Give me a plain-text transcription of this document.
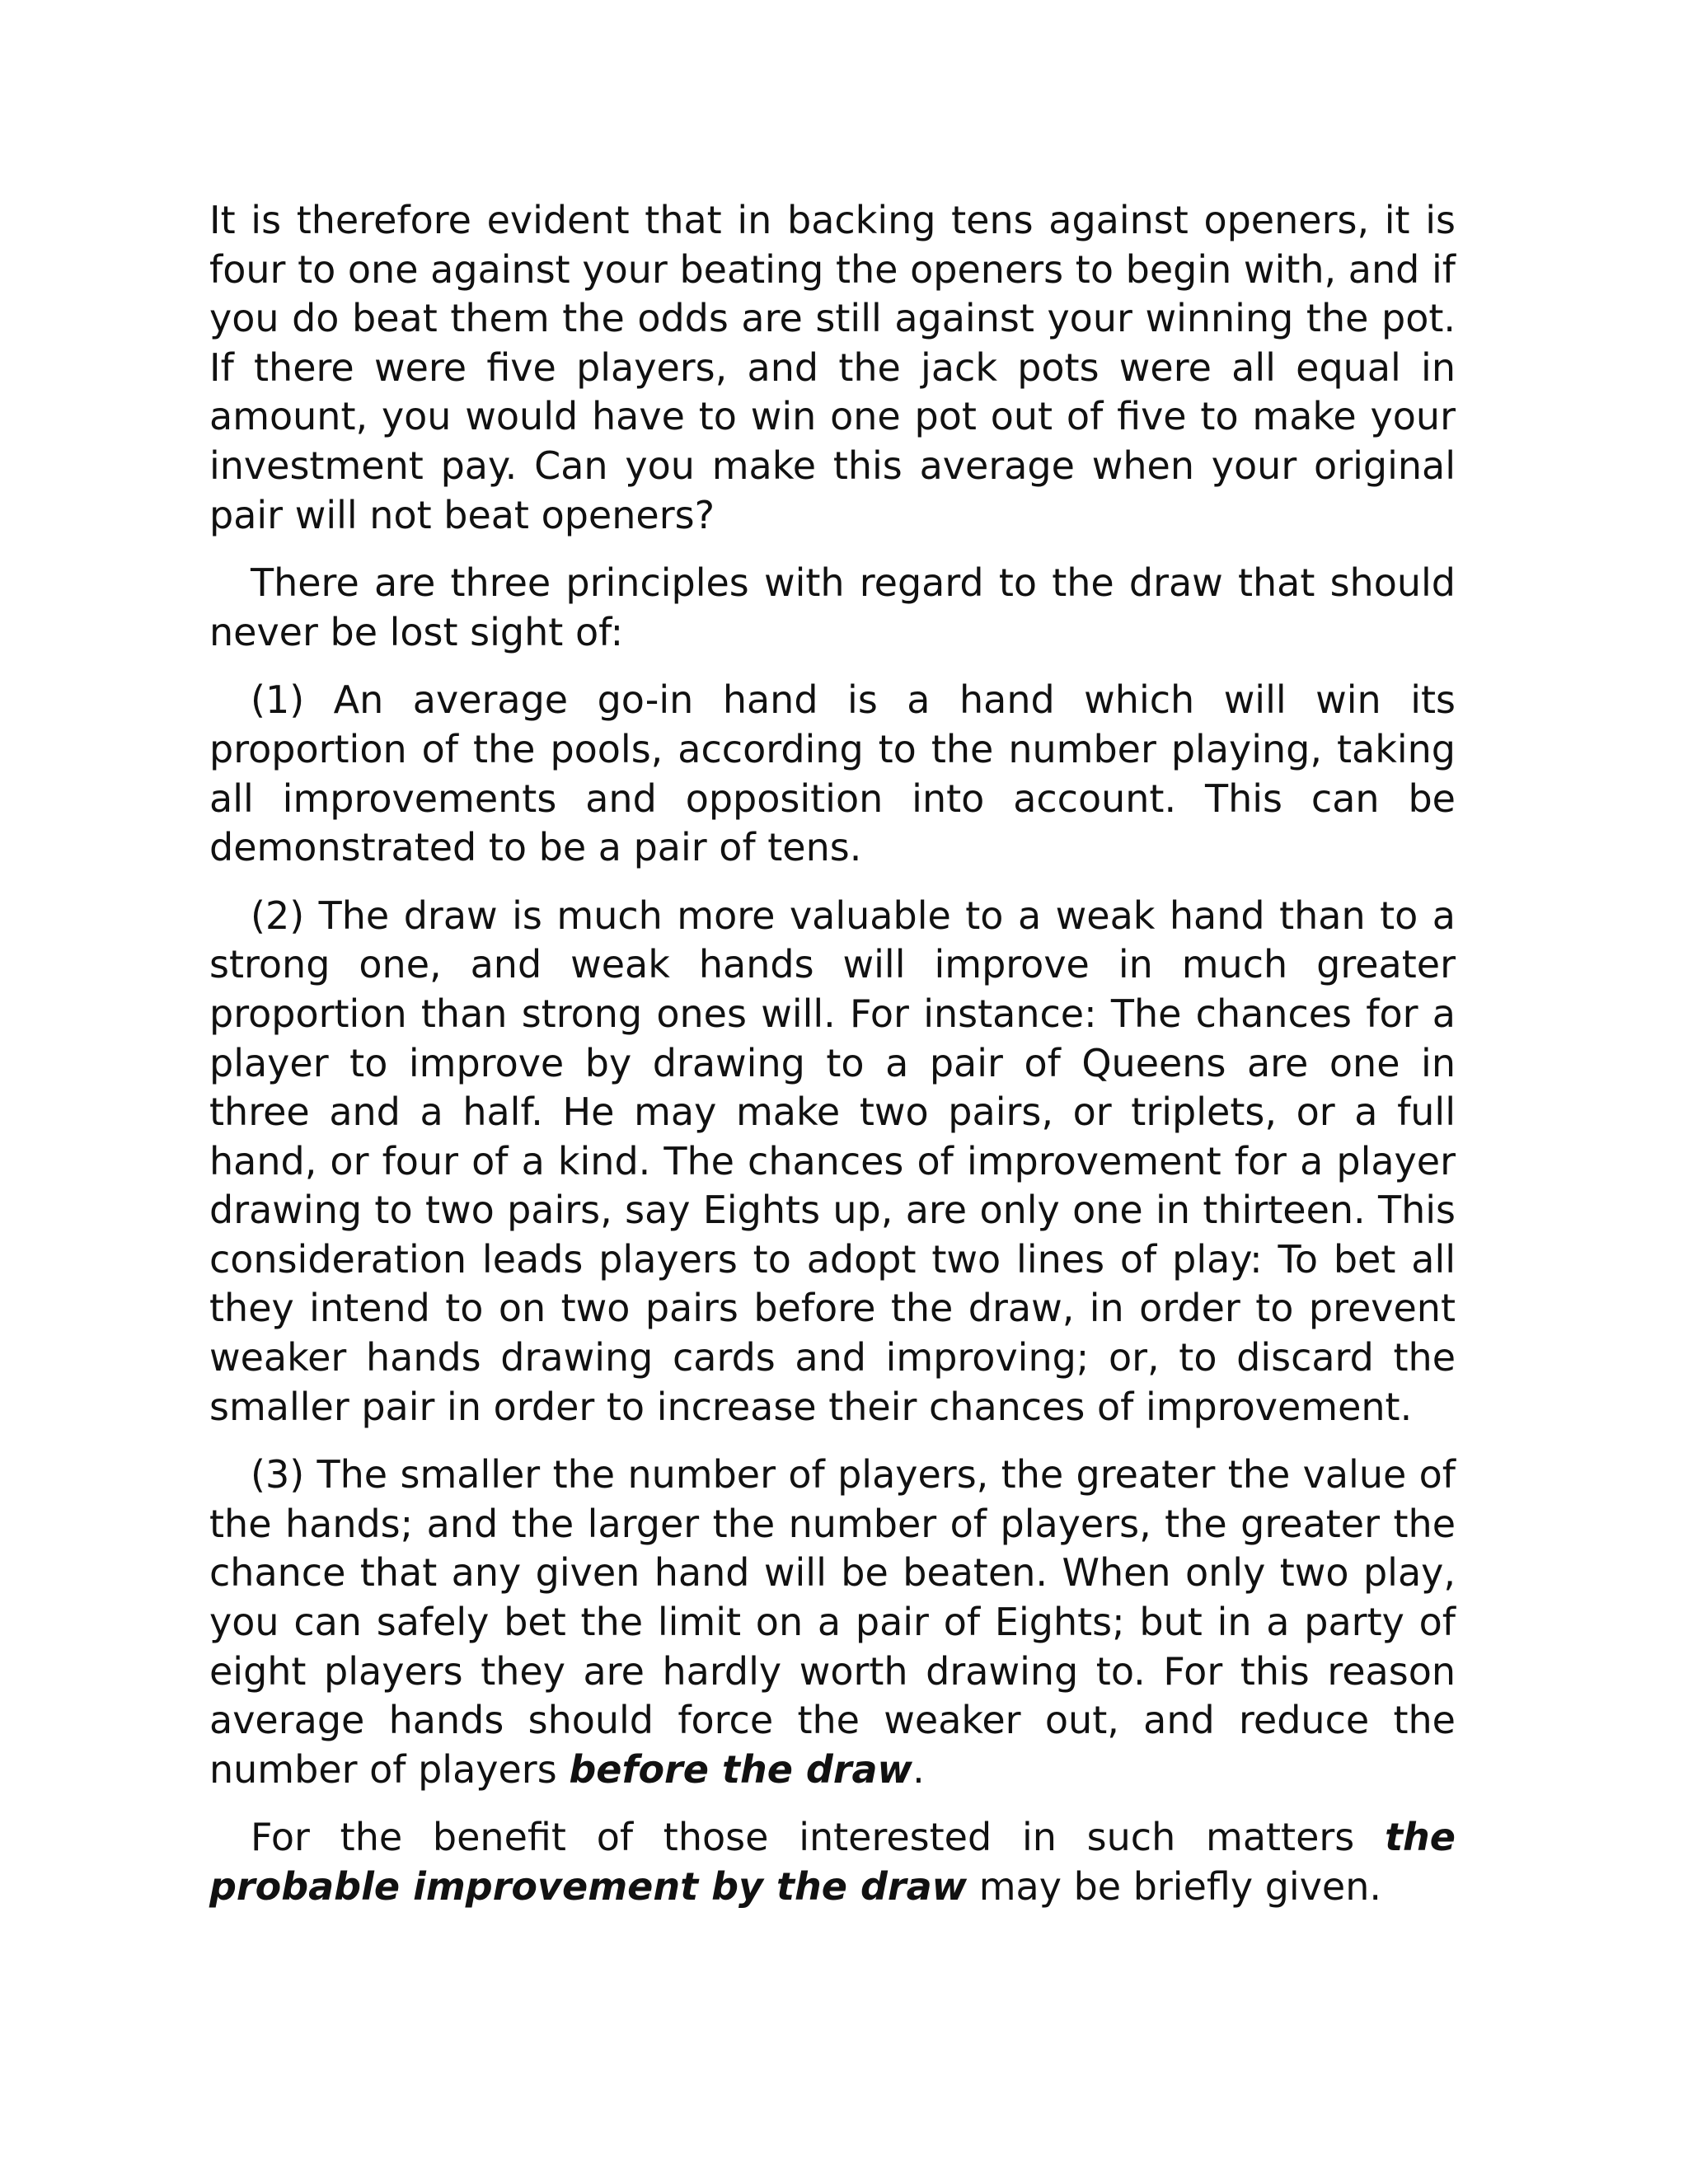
It is therefore evident that in backing tens against openers, it is four to one against your beating the openers to begin with, and if you do beat them the odds are still against your winning the pot. If there were five players, and the jack pots were all equal in amount, you would have to win one pot out of five to make your investment pay. Can you make this average when your original pair will not beat openers?

There are three principles with regard to the draw that should never be lost sight of:

(1) An average go-in hand is a hand which will win its proportion of the pools, according to the number playing, taking all improvements and opposition into account. This can be demonstrated to be a pair of tens.

(2) The draw is much more valuable to a weak hand than to a strong one, and weak hands will improve in much greater proportion than strong ones will. For instance: The chances for a player to improve by drawing to a pair of Queens are one in three and a half. He may make two pairs, or triplets, or a full hand, or four of a kind. The chances of improvement for a player drawing to two pairs, say Eights up, are only one in thirteen. This consideration leads players to adopt two lines of play: To bet all they intend to on two pairs before the draw, in order to prevent weaker hands drawing cards and improving; or, to discard the smaller pair in order to increase their chances of improvement.

(3) The smaller the number of players, the greater the value of the hands; and the larger the number of players, the greater the chance that any given hand will be beaten. When only two play, you can safely bet the limit on a pair of Eights; but in a party of eight players they are hardly worth drawing to. For this reason average hands should force the weaker out, and reduce the number of players before the draw.

For the benefit of those interested in such matters the probable improvement by the draw may be briefly given.
